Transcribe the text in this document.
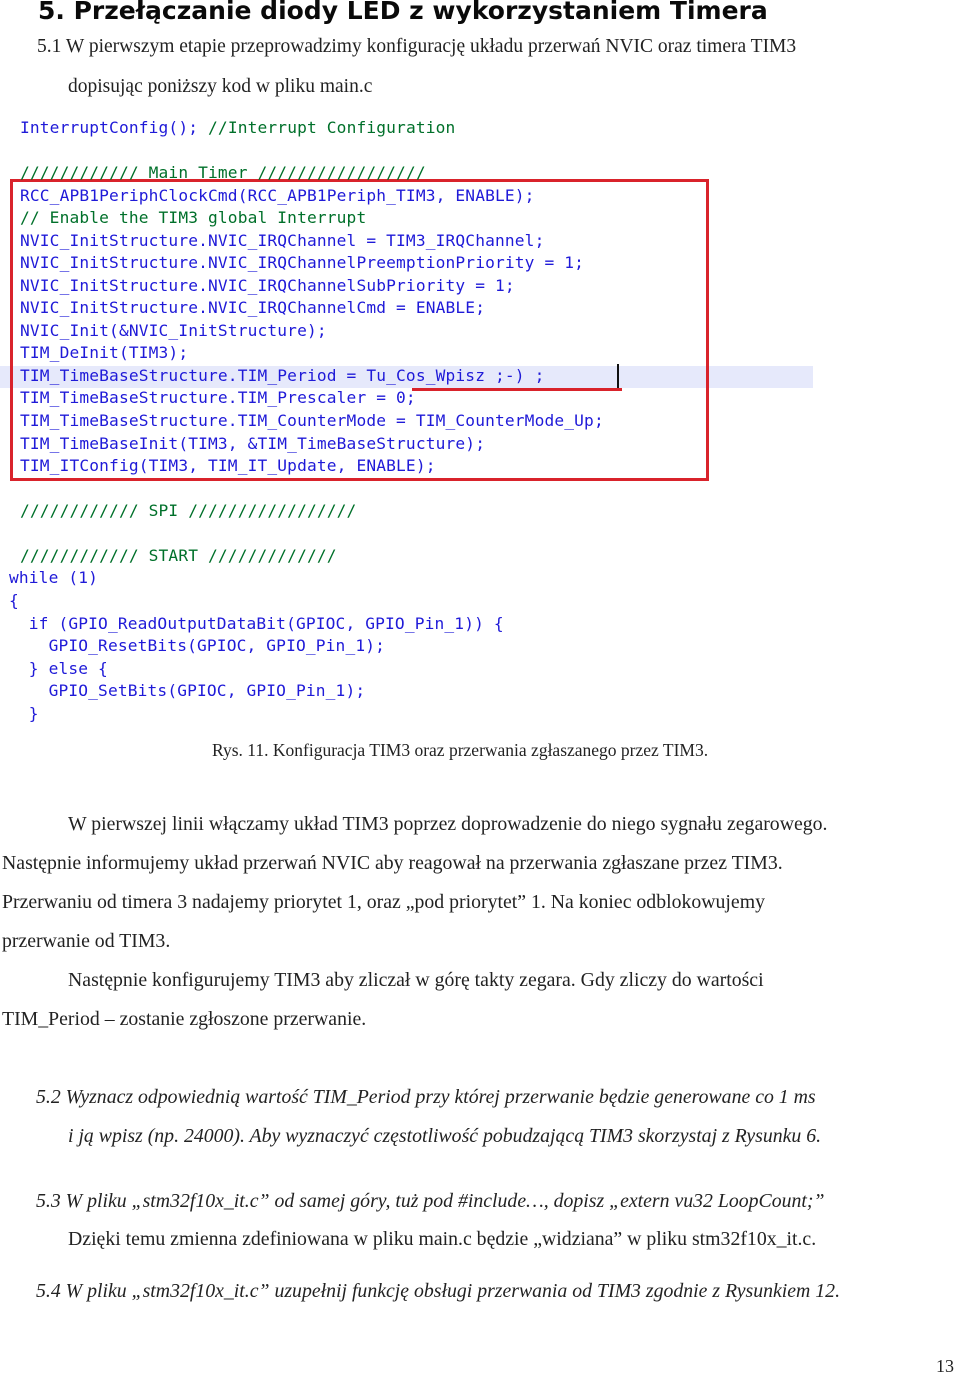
5. Przełączanie diody LED z wykorzystaniem Timera
5.1 W pierwszym etapie przeprowadzimy konfigurację układu przerwań NVIC oraz timera TIM3
dopisując poniższy kod w pliku main.c
InterruptConfig(); //Interrupt Configuration
//////////// Main Timer /////////////////
RCC_APB1PeriphClockCmd(RCC_APB1Periph_TIM3, ENABLE);
// Enable the TIM3 global Interrupt
NVIC_InitStructure.NVIC_IRQChannel = TIM3_IRQChannel;
NVIC_InitStructure.NVIC_IRQChannelPreemptionPriority = 1;
NVIC_InitStructure.NVIC_IRQChannelSubPriority = 1;
NVIC_InitStructure.NVIC_IRQChannelCmd = ENABLE;
NVIC_Init(&NVIC_InitStructure);
TIM_DeInit(TIM3);
TIM_TimeBaseStructure.TIM_Period = Tu_Cos_Wpisz ;-) ;
TIM_TimeBaseStructure.TIM_Prescaler = 0;
TIM_TimeBaseStructure.TIM_CounterMode = TIM_CounterMode_Up;
TIM_TimeBaseInit(TIM3, &TIM_TimeBaseStructure);
TIM_ITConfig(TIM3, TIM_IT_Update, ENABLE);
//////////// SPI /////////////////
//////////// START /////////////
while (1)
{
if (GPIO_ReadOutputDataBit(GPIOC, GPIO_Pin_1)) {
GPIO_ResetBits(GPIOC, GPIO_Pin_1);
} else {
GPIO_SetBits(GPIOC, GPIO_Pin_1);
}
Rys. 11. Konfiguracja TIM3 oraz przerwania zgłaszanego przez TIM3.
W pierwszej linii włączamy układ TIM3 poprzez doprowadzenie do niego sygnału zegarowego.
Następnie informujemy układ przerwań NVIC aby reagował na przerwania zgłaszane przez TIM3.
Przerwaniu od timera 3 nadajemy priorytet 1, oraz „pod priorytet” 1. Na koniec odblokowujemy
przerwanie od TIM3.
Następnie konfigurujemy TIM3 aby zliczał w górę takty zegara. Gdy zliczy do wartości
TIM_Period – zostanie zgłoszone przerwanie.
5.2 Wyznacz odpowiednią wartość TIM_Period przy której przerwanie będzie generowane co 1 ms
i ją wpisz (np. 24000). Aby wyznaczyć częstotliwość pobudzającą TIM3 skorzystaj z Rysunku 6.
5.3 W pliku „stm32f10x_it.c” od samej góry, tuż pod #include…, dopisz „extern vu32 LoopCount;”
Dzięki temu zmienna zdefiniowana w pliku main.c będzie „widziana” w pliku stm32f10x_it.c.
5.4 W pliku „stm32f10x_it.c” uzupełnij funkcję obsługi przerwania od TIM3 zgodnie z Rysunkiem 12.
13
